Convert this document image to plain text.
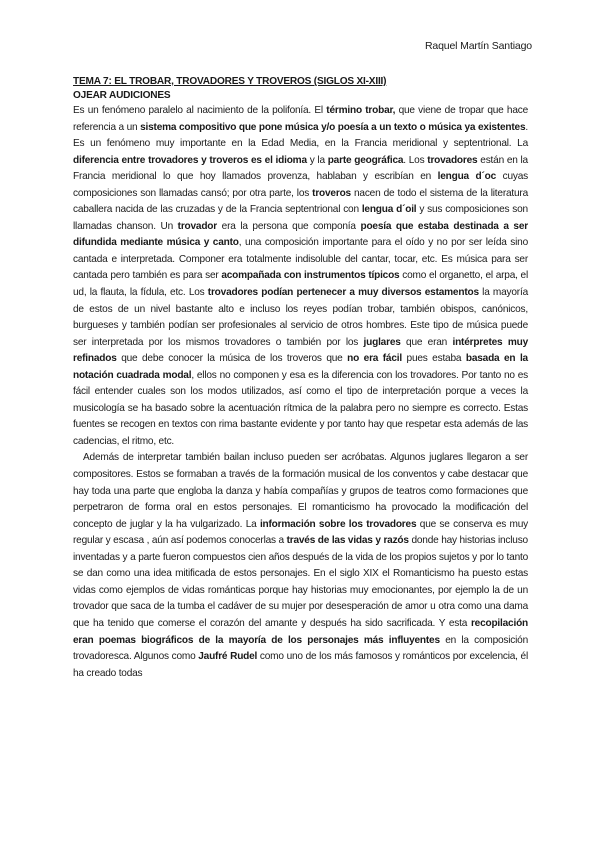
Raquel Martín Santiago

TEMA 7: EL TROBAR, TROVADORES Y TROVEROS (SIGLOS XI-XIII)

OJEAR AUDICIONES

Es un fenómeno paralelo al nacimiento de la polifonía. El término trobar, que viene de tropar que hace referencia a un sistema compositivo que pone música y/o poesía a un texto o música ya existentes. Es un fenómeno muy importante en la Edad Media, en la Francia meridional y septentrional. La diferencia entre trovadores y troveros es el idioma y la parte geográfica. Los trovadores están en la Francia meridional lo que hoy llamados provenza, hablaban y escribían en lengua d´oc cuyas composiciones son llamadas cansó; por otra parte, los troveros nacen de todo el sistema de la literatura caballera nacida de las cruzadas y de la Francia septentrional con lengua d´oil y sus composiciones son llamadas chanson. Un trovador era la persona que componía poesía que estaba destinada a ser difundida mediante música y canto, una composición importante para el oído y no por ser leída sino cantada e interpretada. Componer era totalmente indisoluble del cantar, tocar, etc. Es música para ser cantada pero también es para ser acompañada con instrumentos típicos como el organetto, el arpa, el ud, la flauta, la fídula, etc. Los trovadores podían pertenecer a muy diversos estamentos la mayoría de estos de un nivel bastante alto e incluso los reyes podían trobar, también obispos, canónicos, burgueses y también podían ser profesionales al servicio de otros hombres. Este tipo de música puede ser interpretada por los mismos trovadores o también por los juglares que eran intérpretes muy refinados que debe conocer la música de los troveros que no era fácil pues estaba basada en la notación cuadrada modal, ellos no componen y esa es la diferencia con los trovadores. Por tanto no es fácil entender cuales son los modos utilizados, así como el tipo de interpretación porque a veces la musicología se ha basado sobre la acentuación rítmica de la palabra pero no siempre es correcto. Estas fuentes se recogen en textos con rima bastante evidente y por tanto hay que respetar esta además de las cadencias, el ritmo, etc.

Además de interpretar también bailan incluso pueden ser acróbatas. Algunos juglares llegaron a ser compositores. Estos se formaban a través de la formación musical de los conventos y cabe destacar que hay toda una parte que engloba la danza y había compañías y grupos de teatros como formaciones que perpetraron de forma oral en estos personajes. El romanticismo ha provocado la modificación del concepto de juglar y la ha vulgarizado. La información sobre los trovadores que se conserva es muy regular y escasa , aún así podemos conocerlas a través de las vidas y razós donde hay historias incluso inventadas y a parte fueron compuestos cien años después de la vida de los propios sujetos y por lo tanto se dan como una idea mitificada de estos personajes. En el siglo XIX el Romanticismo ha puesto estas vidas como ejemplos de vidas románticas porque hay historias muy emocionantes, por ejemplo la de un trovador que saca de la tumba el cadáver de su mujer por desesperación de amor u otra como una dama que ha tenido que comerse el corazón del amante y después ha sido sacrificada. Y esta recopilación eran poemas biográficos de la mayoría de los personajes más influyentes en la composición trovadoresca. Algunos como Jaufré Rudel como uno de los más famosos y románticos por excelencia, él ha creado todas
